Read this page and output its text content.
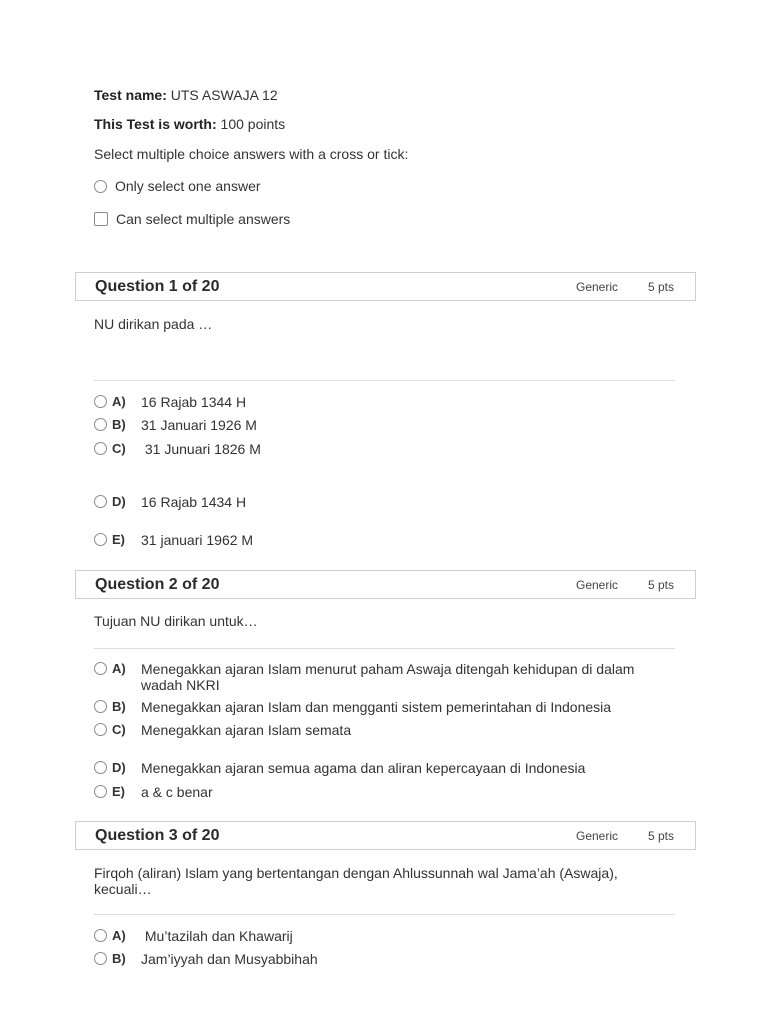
Test name: UTS ASWAJA 12
This Test is worth: 100 points
Select multiple choice answers with a cross or tick:
Only select one answer
Can select multiple answers
Question 1 of 20	Generic 5 pts
NU dirikan pada …
A) 16 Rajab 1344 H
B) 31 Januari 1926 M
C) 31 Junuari 1826 M
D) 16 Rajab 1434 H
E) 31 januari 1962 M
Question 2 of 20	Generic 5 pts
Tujuan NU dirikan untuk…
A) Menegakkan ajaran Islam menurut paham Aswaja ditengah kehidupan di dalam wadah NKRI
B) Menegakkan ajaran Islam dan mengganti sistem pemerintahan di Indonesia
C) Menegakkan ajaran Islam semata
D) Menegakkan ajaran semua agama dan aliran kepercayaan di Indonesia
E) a & c benar
Question 3 of 20	Generic 5 pts
Firqoh (aliran) Islam yang bertentangan dengan Ahlussunnah wal Jama’ah (Aswaja), kecuali…
A) Mu’tazilah dan Khawarij
B) Jam’iyyah dan Musyabbihah
